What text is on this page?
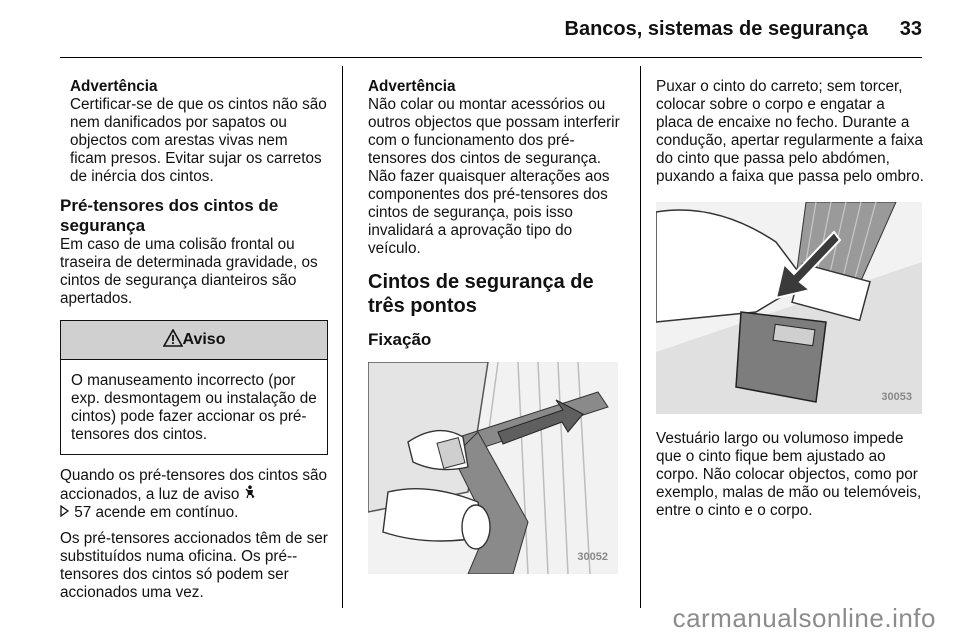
Bancos, sistemas de segurança 33
Advertência
Certificar-se de que os cintos não são nem danificados por sapatos ou objectos com arestas vivas nem ficam presos. Evitar sujar os carretos de inércia dos cintos.
Pré-tensores dos cintos de segurança

Em caso de uma colisão frontal ou traseira de determinada gravidade, os cintos de segurança dianteiros são apertados.

Aviso
O manuseamento incorrecto (por exp. desmontagem ou instalação de cintos) pode fazer accionar os pré-tensores dos cintos.

Quando os pré-tensores dos cintos são accionados, a luz de aviso
57 acende em contínuo.

Os pré-tensores accionados têm de ser substituídos numa oficina. Os pré--tensores dos cintos só podem ser accionados uma vez.

Advertência
Não colar ou montar acessórios ou outros objectos que possam interferir com o funcionamento dos pré-tensores dos cintos de segurança. Não fazer quaisquer alterações aos componentes dos pré-tensores dos cintos de segurança, pois isso invalidará a aprovação tipo do veículo.
Cintos de segurança de três pontos
Fixação
30052

Puxar o cinto do carreto; sem torcer, colocar sobre o corpo e engatar a placa de encaixe no fecho. Durante a condução, apertar regularmente a faixa do cinto que passa pelo abdómen, puxando a faixa que passa pelo ombro.

30053

Vestuário largo ou volumoso impede que o cinto fique bem ajustado ao corpo. Não colocar objectos, como por exemplo, malas de mão ou telemóveis, entre o cinto e o corpo.

carmanualsonline.info
